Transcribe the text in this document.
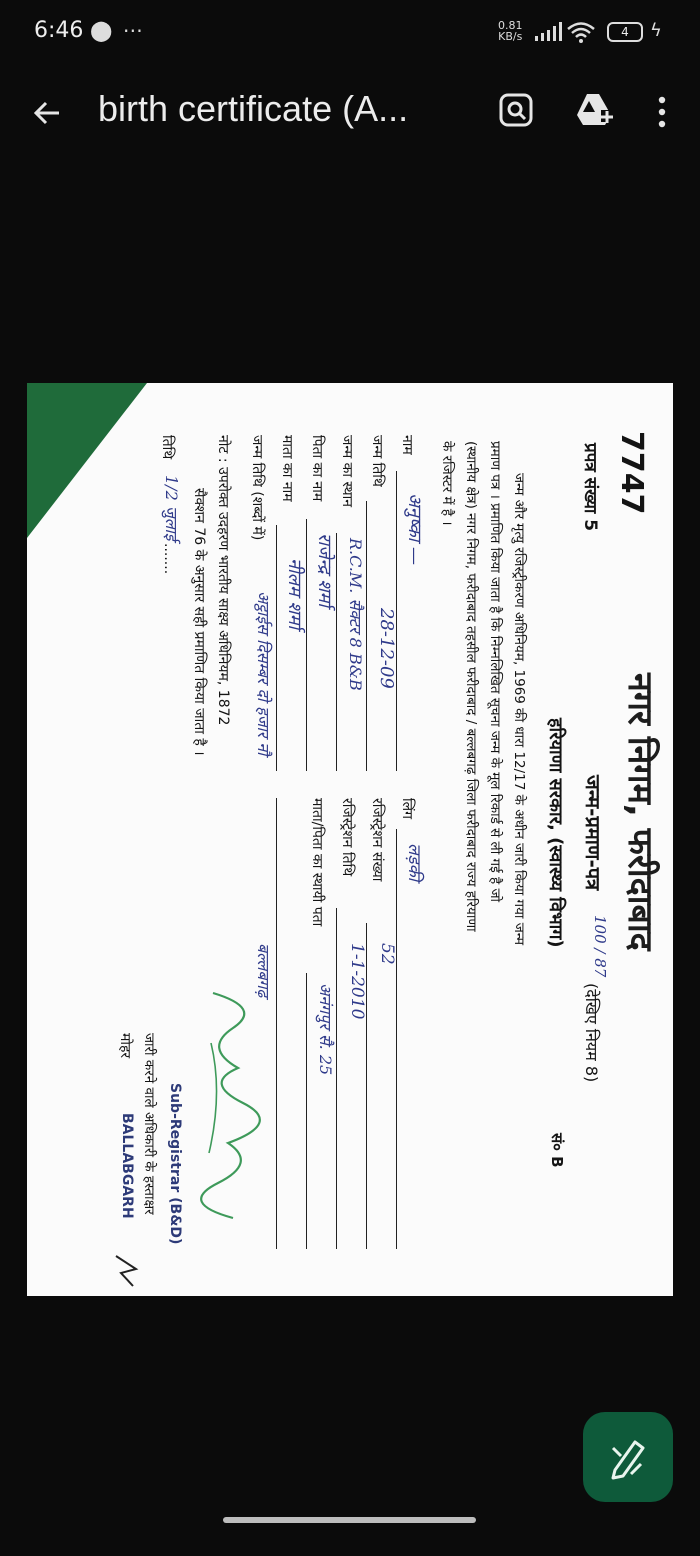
6:46 ⬤ ⋯	0.81
KB/s	4	ϟ
birth certificate (A...
7747
नगर निगम, फरीदाबाद
प्रपत्र संख्या 5
जन्म-प्रमाण-पत्र
100 / 87
(देखिए नियम 8)
हरियाणा सरकार, (स्वास्थ्य विभाग)
सं० B
जन्म और मृत्यु रजिस्ट्रीकरण अधिनियम, 1969 की धारा 12/17 के अधीन जारी किया गया जन्म
प्रमाण पत्र । प्रमाणित किया जाता है कि निम्नलिखित सूचना जन्म के मूल रिकार्ड से ली गई है जो
(स्थानीय क्षेत्र) नगर निगम, फरीदाबाद तहसील फरीदाबाद / बल्लबगढ़ जिला फरीदाबाद राज्य हरियाणा
के रजिस्टर में है ।
नाम
अनुष्का —
लिंग
लड़की
जन्म तिथि
28-12-09
रजिस्ट्रेशन संख्या
52
जन्म का स्थान
R.C.M. सैक्टर 8 B&B
रजिस्ट्रेशन तिथि
1-1-2010
पिता का नाम
राजेन्द्र शर्मा
माता/पिता का स्थायी पता
अनंगपुर सै. 25
माता का नाम
नीलम शर्मा
जन्म तिथि (शब्दों में)
अट्ठाईस दिसम्बर दो हजार नौ
बल्लबगढ़
नोट : उपरोक्त उदहरण भारतीय साक्ष्य अधिनियम, 1872
सैक्शन 76 के अनुसार सही प्रमाणित किया जाता है ।
Sub-Registrar (B&D)
BALLABGARH जारी करने वाले अधिकारी के हस्ताक्षर
मोहर
तिथि
1/2 जुलाई
.......
